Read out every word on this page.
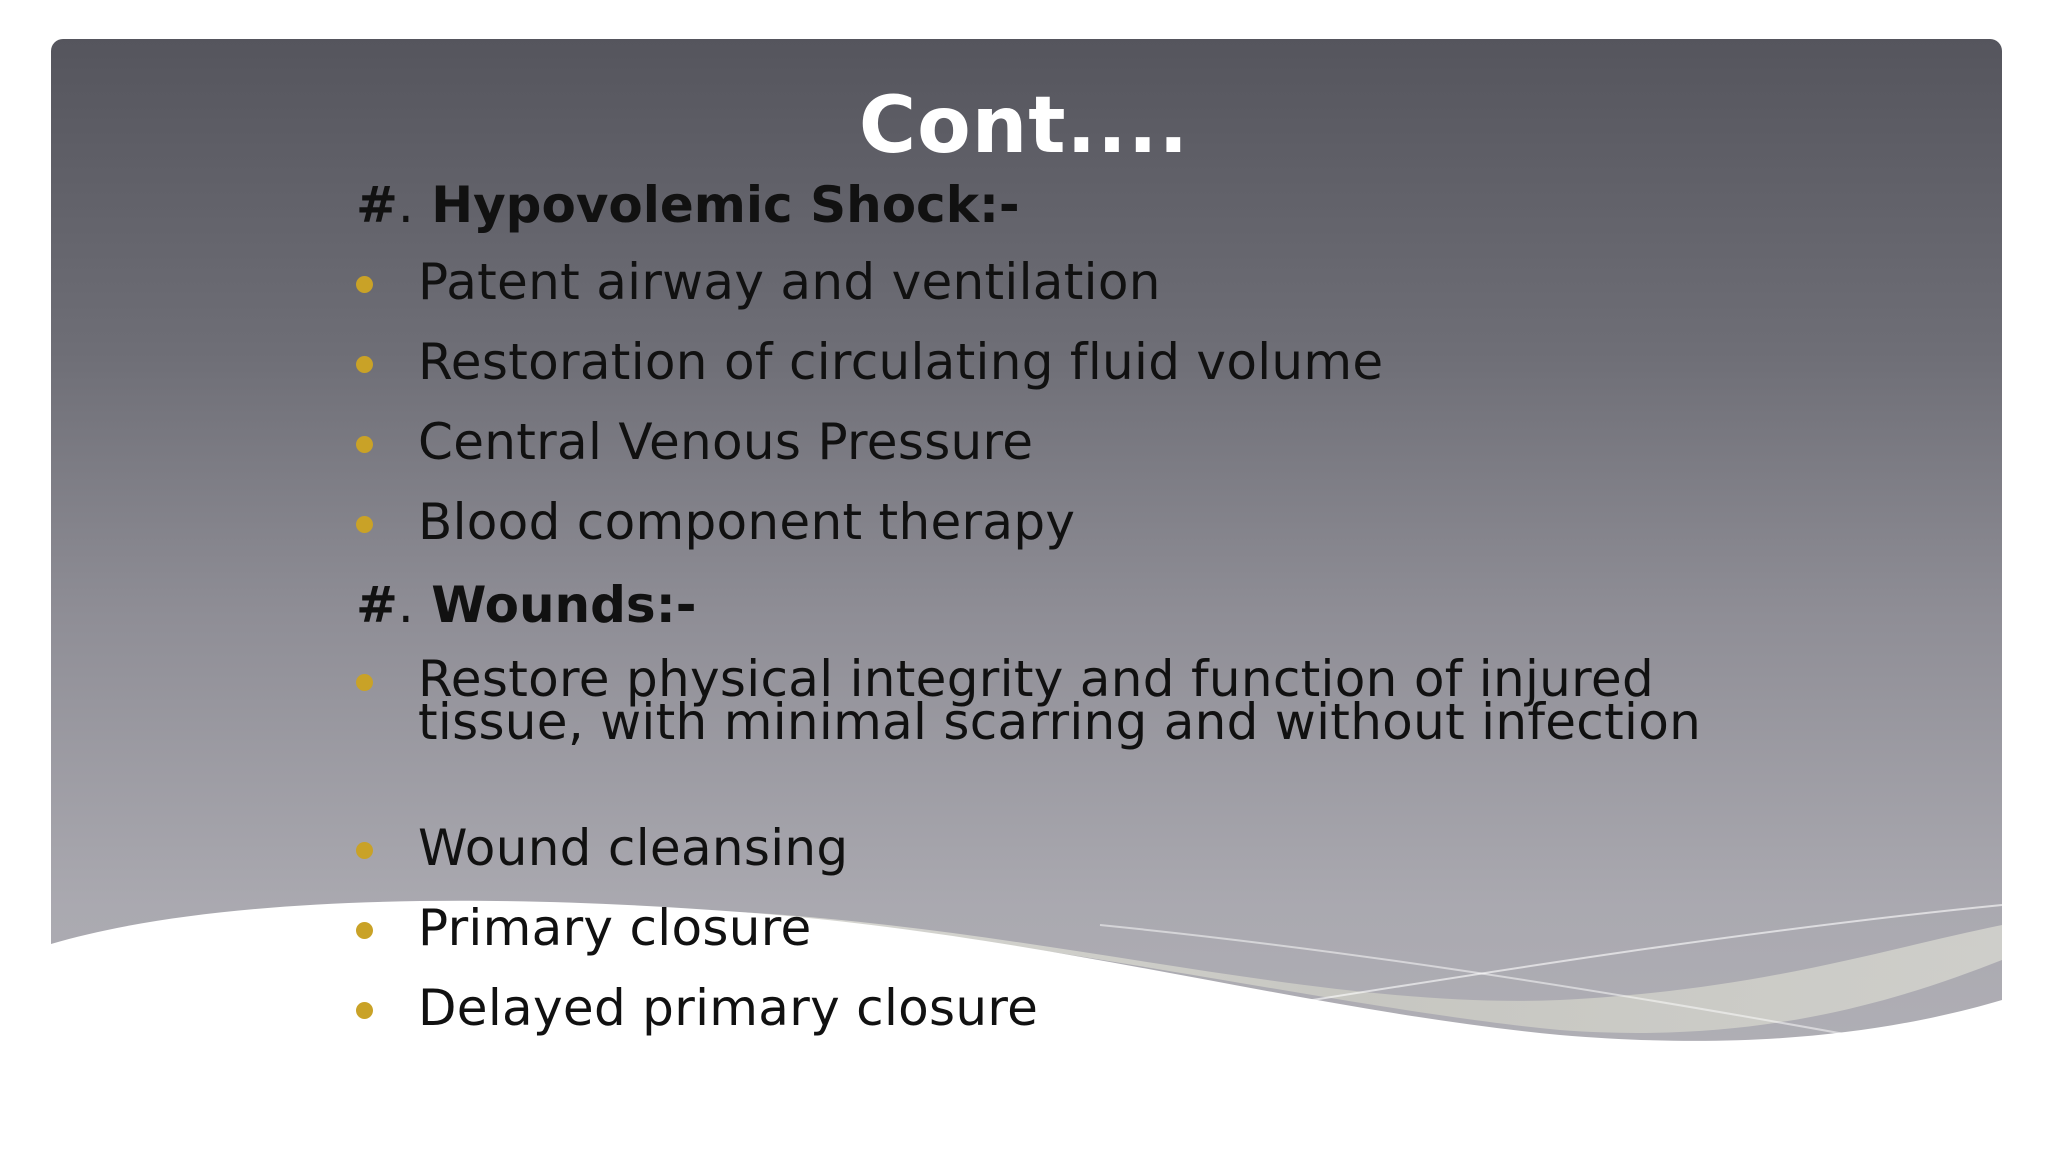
Cont....
#. Hypovolemic Shock:-
Patent airway and ventilation
Restoration of circulating fluid volume
Central Venous Pressure
Blood component therapy
#. Wounds:-
Restore physical integrity and function of injured tissue, with minimal scarring and without infection
Wound cleansing
Primary closure
Delayed primary closure
